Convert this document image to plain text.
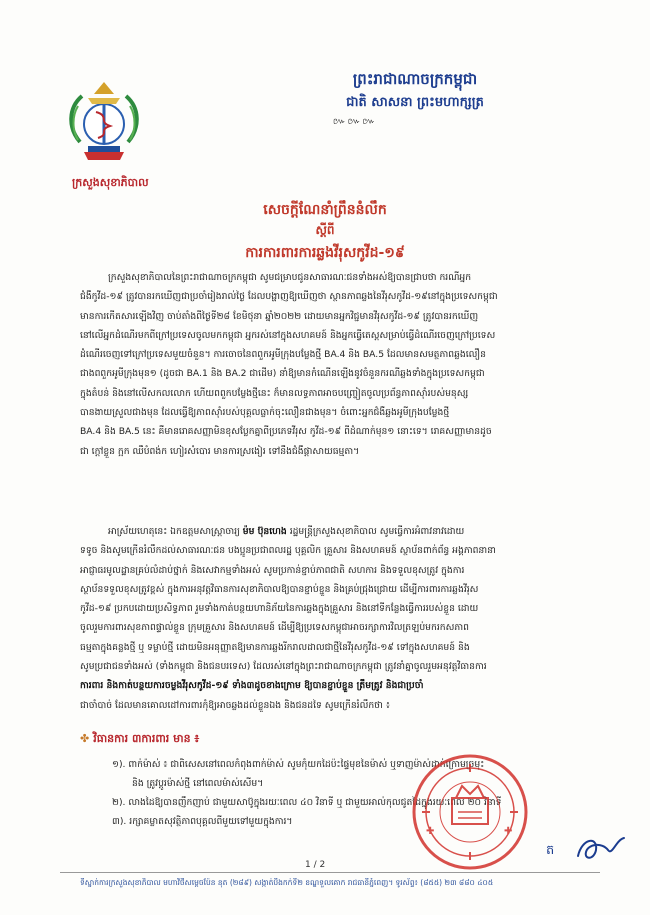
ក្រសួងសុខាភិបាល
ព្រះរាជាណាចក្រកម្ពុជា
ជាតិ សាសនា ព្រះមហាក្សត្រ
៚៚៚
សេចក្តីណែនាំព្រឹននំលឹក
ស្តីពី
ការការពារការឆ្លងវីរុសកូវីដ-១៩
ក្រសួងសុខាភិបាលនៃព្រះរាជាណាចក្រកម្ពុជា សូមជម្រាបជូនសាធារណៈជនទាំងអស់ឱ្យបានជ្រាបថា ករណីអ្នក
ជំងឺកូវីដ-១៩ ត្រូវបានរកឃើញជាប្រចាំរៀងរាល់ថ្ងៃ ដែលបង្ហាញឱ្យឃើញថា ស្ថានភាពឆ្លងនៃវីរុសកូវីដ-១៩នៅក្នុងប្រទេសកម្ពុជា
មានការកើតសារឡើងវិញ ចាប់តាំងពីថ្ងៃទី២៨ ខែមិថុនា ឆ្នាំ២០២២ ដោយមានអ្នកវិជ្ជមានវីរុសកូវីដ-១៩ ត្រូវបានរកឃើញ
នៅលើអ្នកដំណើរមកពីក្រៅប្រទេសចូលមកកម្ពុជា អ្នករស់នៅក្នុងសហគមន៍ និងអ្នកធ្វើតេស្តសម្រាប់ធ្វើដំណើរចេញក្រៅប្រទេស
ដំណើរចេញទៅក្រៅប្រទេសមួយចំនួន។ ការចោចនៃពពួកអូមីក្រុងបម្លែងថ្មី BA.4 និង BA.5 ដែលមានសមត្ថភាពឆ្លងលឿន
ជាងពពួកអូមីក្រុងមុន១ (ដូចជា BA.1 និង BA.2 ជាដើម) នាំឱ្យមានកំណើនឡើងនូវចំនួនករណីឆ្លងទាំងក្នុងប្រទេសកម្ពុជា
ក្នុងតំបន់ និងនៅលើសកលលោក ហើយពពួកបម្លែងថ្មីនេះ ក៏មានលទ្ធភាពអាចបញ្ច្រៀតចូលប្រព័ន្ធភាពស៊ាំរបស់មនុស្ស
បានងាយស្រួលជាងមុន ដែលធ្វើឱ្យភាពស៊ាំរបស់បុគ្គលធ្លាក់ចុះលឿនជាងមុន។ ចំពោះអ្នកជំងឺឆ្លងអូមីក្រុងបម្លែងថ្មី
BA.4 និង BA.5 នេះ គឺមានរោគសញ្ញាមិនខុសប្លែកគ្នាពីប្រភេទវីរុស កូវីដ-១៩ ពីដំណាក់មុន១ នោះទេ។ រោគសញ្ញាមានដូច
ជា ក្តៅខ្លួន ក្អក ឈឺបំពង់ក ហៀរសំបោរ មានការស្រងៀរ ទៅនឹងជំងឺផ្តាសាយធម្មតា។
អាស្រ័យហេតុនេះ ឯកឧត្តមសាស្ត្រាចារ្យ ម៉ម ប៊ុនហេង រដ្ឋមន្ត្រីក្រសួងសុខាភិបាល សូមធ្វើការអំពាវនាវដោយ
ទទូច និងសូមក្រើនរំលឹកដល់សាធារណៈជន បងប្អូនប្រជាពលរដ្ឋ បុគ្គលិក គ្រួសារ និងសហគមន៍ ស្ថាប័នពាក់ព័ន្ធ អង្គភាពនានា
អាជ្ញាធរមូលដ្ឋានគ្រប់លំដាប់ថ្នាក់ និងសេវាកម្មទាំងអស់ សូមប្រកាន់ខ្ជាប់ភាពជាតិ សហការ និងទទួលខុសត្រូវ ក្នុងការ
ស្ថាប័នទទួលខុសត្រូវខ្ពស់ ក្នុងការអនុវត្តវិធានការសុខាភិបាលឱ្យបានខ្ជាប់ខ្ជួន និងគ្រប់ជ្រុងជ្រោយ ដើម្បីការពារការឆ្លងវីរុស
កូវីដ-១៩ ប្រកបដោយប្រសិទ្ធភាព រួមទាំងកាត់បន្ថយហានិភ័យនៃការឆ្លងក្នុងគ្រួសារ និងនៅទីកន្លែងធ្វើការរបស់ខ្លួន ដោយ
ចូលរួមការពារសុខភាពផ្ទាល់ខ្លួន ក្រុមគ្រួសារ និងសហគមន៍ ដើម្បីឱ្យប្រទេសកម្ពុជាអាចរក្សាការវិលត្រឡប់មករកសភាព
ធម្មតាក្នុងគន្លងថ្មី ឬ ទម្លាប់ថ្មី ដោយមិនអនុញ្ញាតឱ្យមានការឆ្លងរីករាលដាលជាថ្មីនៃវីរុសកូវីដ-១៩ ទៅក្នុងសហគមន៍ និង
សូមប្រជាជនទាំងអស់ (ទាំងកម្ពុជា និងជនបរទេស) ដែលរស់នៅក្នុងព្រះរាជាណាចក្រកម្ពុជា ត្រូវនាំគ្នាចូលរួមអនុវត្តវិធានការ
ការពារ និងកាត់បន្ថយការចម្លងវីរុសកូវីដ-១៩ ទាំង៣ដូចខាងក្រោម ឱ្យបានខ្ជាប់ខ្ជួន ត្រឹមត្រូវ និងជាប្រចាំ
ជាចាំបាច់ ដែលមានគោលដៅការពារកុំឱ្យអាចឆ្លងដល់ខ្លួនឯង និងជនដទៃ សូមក្រើនរំលឹកថា ៖
✤ វិធានការ ៣ការពារ មាន ៖
១). ពាក់ម៉ាស់ ៖ ជាពិសេសនៅពេលកំពុងពាក់ម៉ាស់ សូមកុំយកដៃប៉ះផ្ទៃមុខនៃម៉ាស់ ឬទាញម៉ាស់ដាក់ក្រោមច្រមុះ
និង ត្រូវប្តូរម៉ាស់ថ្មី នៅពេលម៉ាស់សើម។
២). លាងដៃឱ្យបានញឹកញាប់ ជាមួយសាប៊ូក្នុងរយៈពេល ៤០ វិនាទី ឬ ជាមួយអាល់កុលជូតដៃក្នុងរយៈពេល ២០ វិនាទី
៣). រក្សាគម្លាតសុវត្ថិភាពបុគ្គលពីមួយទៅមួយក្នុងការ។
✚	✚
ត
1 / 2
ទីស្នាក់ការក្រសួងសុខាភិបាល មហាវិថីសម្ដេចប៉ែន នុត (២៨៩) សង្កាត់បឹងកក់ទី២ ខណ្ឌទួលគោក រាជធានីភ្នំពេញ។ ទូរស័ព្ទ៖ (៨៥៥) ២៣ ៨៨០ ៤០៥
